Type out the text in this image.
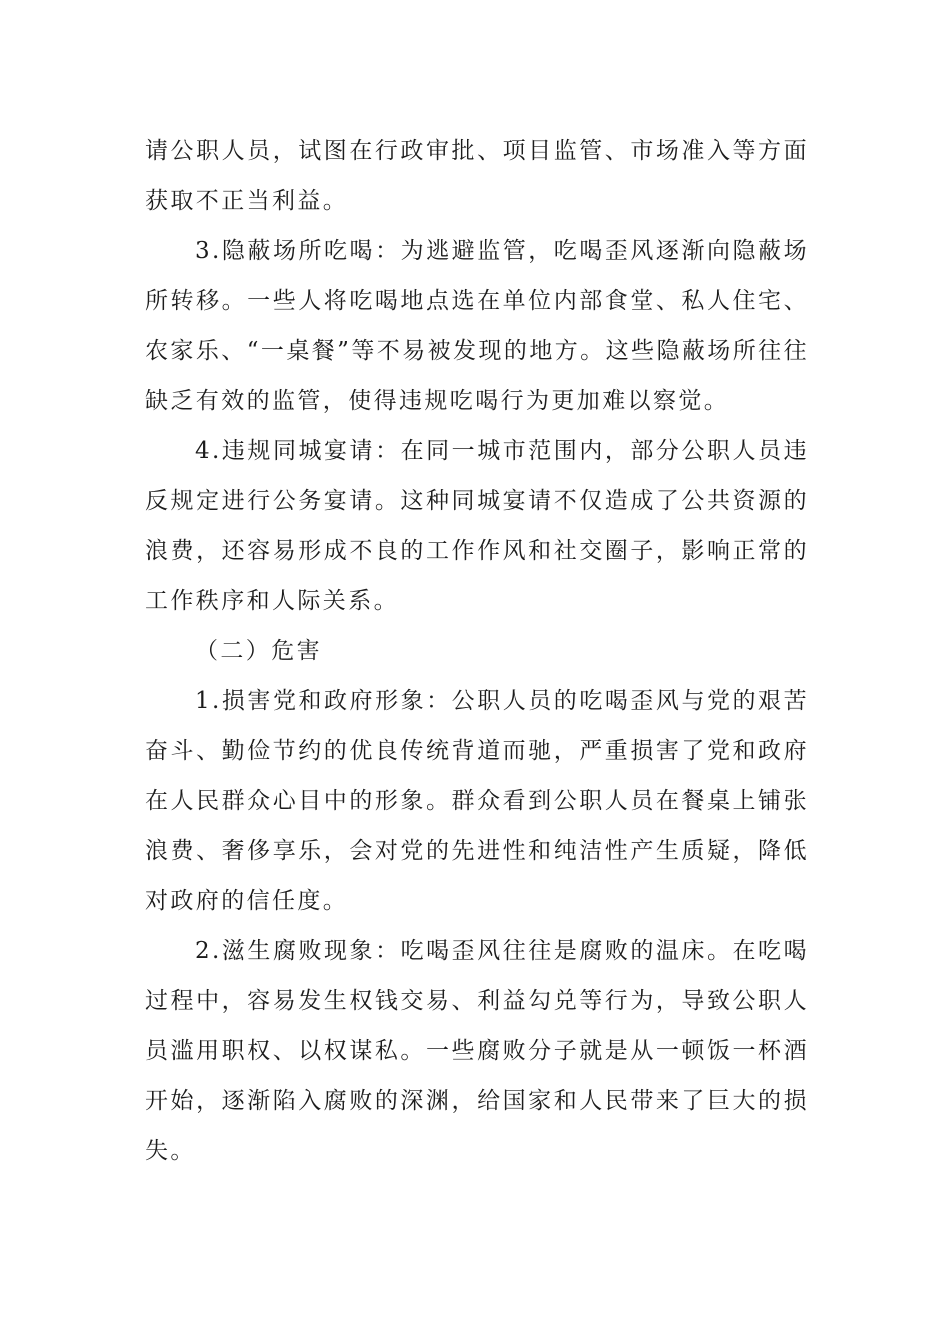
请公职人员，试图在行政审批、项目监管、市场准入等方面获取不正当利益。

3.隐蔽场所吃喝：为逃避监管，吃喝歪风逐渐向隐蔽场所转移。一些人将吃喝地点选在单位内部食堂、私人住宅、农家乐、“一桌餐”等不易被发现的地方。这些隐蔽场所往往缺乏有效的监管，使得违规吃喝行为更加难以察觉。

4.违规同城宴请：在同一城市范围内，部分公职人员违反规定进行公务宴请。这种同城宴请不仅造成了公共资源的浪费，还容易形成不良的工作作风和社交圈子，影响正常的工作秩序和人际关系。

（二）危害

1.损害党和政府形象：公职人员的吃喝歪风与党的艰苦奋斗、勤俭节约的优良传统背道而驰，严重损害了党和政府在人民群众心目中的形象。群众看到公职人员在餐桌上铺张浪费、奢侈享乐，会对党的先进性和纯洁性产生质疑，降低对政府的信任度。

2.滋生腐败现象：吃喝歪风往往是腐败的温床。在吃喝过程中，容易发生权钱交易、利益勾兑等行为，导致公职人员滥用职权、以权谋私。一些腐败分子就是从一顿饭一杯酒开始，逐渐陷入腐败的深渊，给国家和人民带来了巨大的损失。
